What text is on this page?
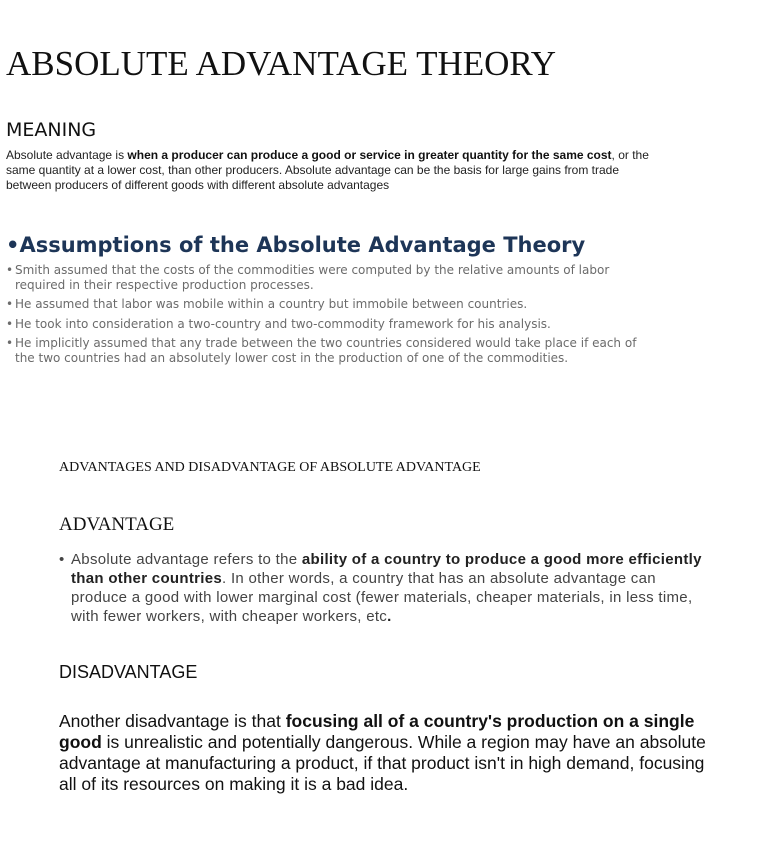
ABSOLUTE ADVANTAGE THEORY
MEANING

Absolute advantage is when a producer can produce a good or service in greater quantity for the same cost, or the same quantity at a lower cost, than other producers. Absolute advantage can be the basis for large gains from trade between producers of different goods with different absolute advantages

•Assumptions of the Absolute Advantage Theory
• Smith assumed that the costs of the commodities were computed by the relative amounts of labor required in their respective production processes.
• He assumed that labor was mobile within a country but immobile between countries.
• He took into consideration a two-country and two-commodity framework for his analysis.
• He implicitly assumed that any trade between the two countries considered would take place if each of the two countries had an absolutely lower cost in the production of one of the commodities.
ADVANTAGES AND DISADVANTAGE OF ABSOLUTE ADVANTAGE
ADVANTAGE

• Absolute advantage refers to the ability of a country to produce a good more efficiently than other countries. In other words, a country that has an absolute advantage can produce a good with lower marginal cost (fewer materials, cheaper materials, in less time, with fewer workers, with cheaper workers, etc.

DISADVANTAGE

Another disadvantage is that focusing all of a country's production on a single good is unrealistic and potentially dangerous. While a region may have an absolute advantage at manufacturing a product, if that product isn't in high demand, focusing all of its resources on making it is a bad idea.
